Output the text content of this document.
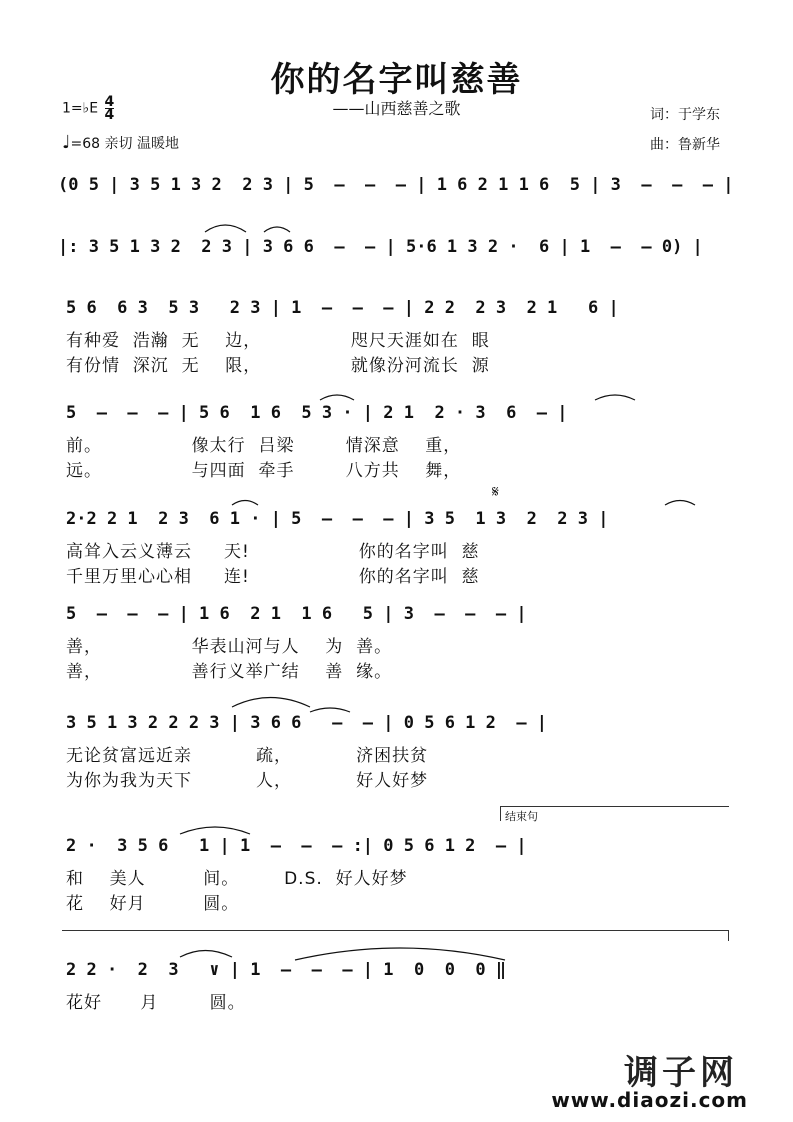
你的名字叫慈善
——山西慈善之歌
1=♭E $\frac{4}{4}$
♩=68 亲切 温暖地
词：于学东
曲：鲁新华
(0 5 | 3 5 1 3 2  2 3 | 5  –  –  – | 1 6 2 1 1 6  5 | 3  –  –  – |
|: 3 5 1 3 2  2 3 | 3 6 6  –  – | 5·6 1 3 2 ·  6 | 1  –  – 0) |
5 6  6 3  5 3   2 3 | 1  –  –  – | 2 2  2 3  2 1   6 |
有种爱  浩瀚  无    边，              咫尺天涯如在  眼
有份情  深沉  无    限，              就像汾河流长  源
5  –  –  – | 5 6  1 6  5 3 · | 2 1  2 · 3  6  – |
前。              像太行  吕梁        情深意    重，
远。              与四面  牵手        八方共    舞，
𝄋
2·2 2 1  2 3  6 1 · | 5  –  –  – | 3 5  1 3  2  2 3 |
高耸入云义薄云     天!                 你的名字叫  慈
千里万里心心相     连!                 你的名字叫  慈
5  –  –  – | 1 6  2 1  1 6   5 | 3  –  –  – |
善，              华表山河与人    为  善。
善，              善行义举广结    善  缘。
3 5 1 3 2 2 2 3 | 3 6 6   –  – | 0 5 6 1 2  – |
无论贫富远近亲          疏，          济困扶贫
为你为我为天下          人，          好人好梦
结束句
2 ·  3 5 6   1 | 1  –  –  – :| 0 5 6 1 2  – |
和    美人         间。       D.S.  好人好梦
花    好月         圆。
2 2 ·  2  3   ∨ | 1  –  –  – | 1  0  0  0 ‖
花好      月        圆。
调子网
www.diaozi.com
